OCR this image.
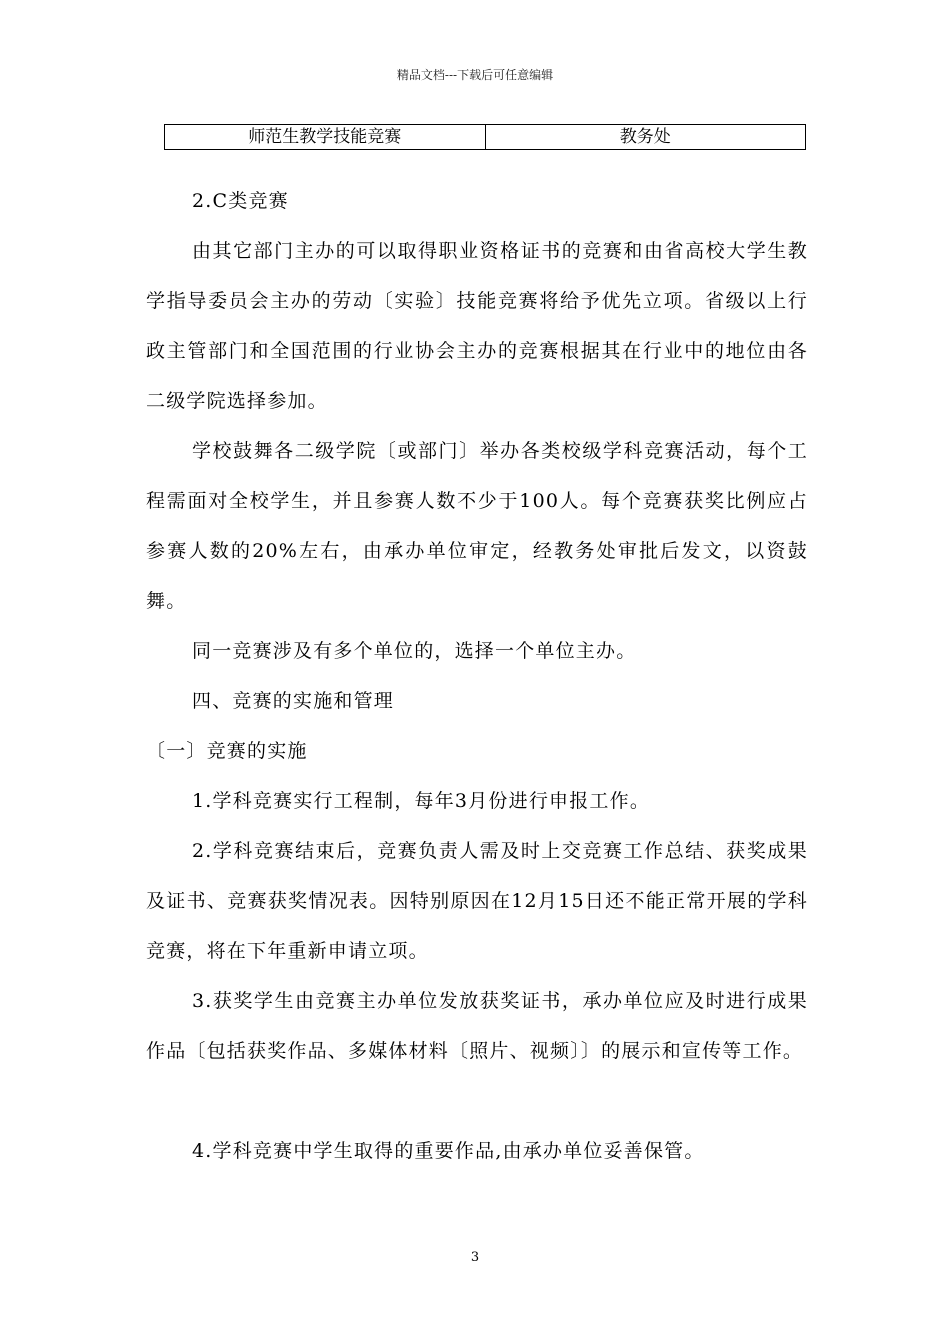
精品文档---下载后可任意编辑
师范生教学技能竞赛	教务处

2.C类竞赛

由其它部门主办的可以取得职业资格证书的竞赛和由省高校大学生教学指导委员会主办的劳动〔实验〕技能竞赛将给予优先立项。省级以上行政主管部门和全国范围的行业协会主办的竞赛根据其在行业中的地位由各二级学院选择参加。

学校鼓舞各二级学院〔或部门〕举办各类校级学科竞赛活动，每个工程需面对全校学生，并且参赛人数不少于100人。每个竞赛获奖比例应占参赛人数的20%左右，由承办单位审定，经教务处审批后发文，以资鼓舞。

同一竞赛涉及有多个单位的，选择一个单位主办。

四、竞赛的实施和管理

〔一〕竞赛的实施

1.学科竞赛实行工程制，每年3月份进行申报工作。

2.学科竞赛结束后，竞赛负责人需及时上交竞赛工作总结、获奖成果及证书、竞赛获奖情况表。因特别原因在12月15日还不能正常开展的学科竞赛，将在下年重新申请立项。

3.获奖学生由竞赛主办单位发放获奖证书，承办单位应及时进行成果作品〔包括获奖作品、多媒体材料〔照片、视频〕〕的展示和宣传等工作。

4.学科竞赛中学生取得的重要作品,由承办单位妥善保管。

3
